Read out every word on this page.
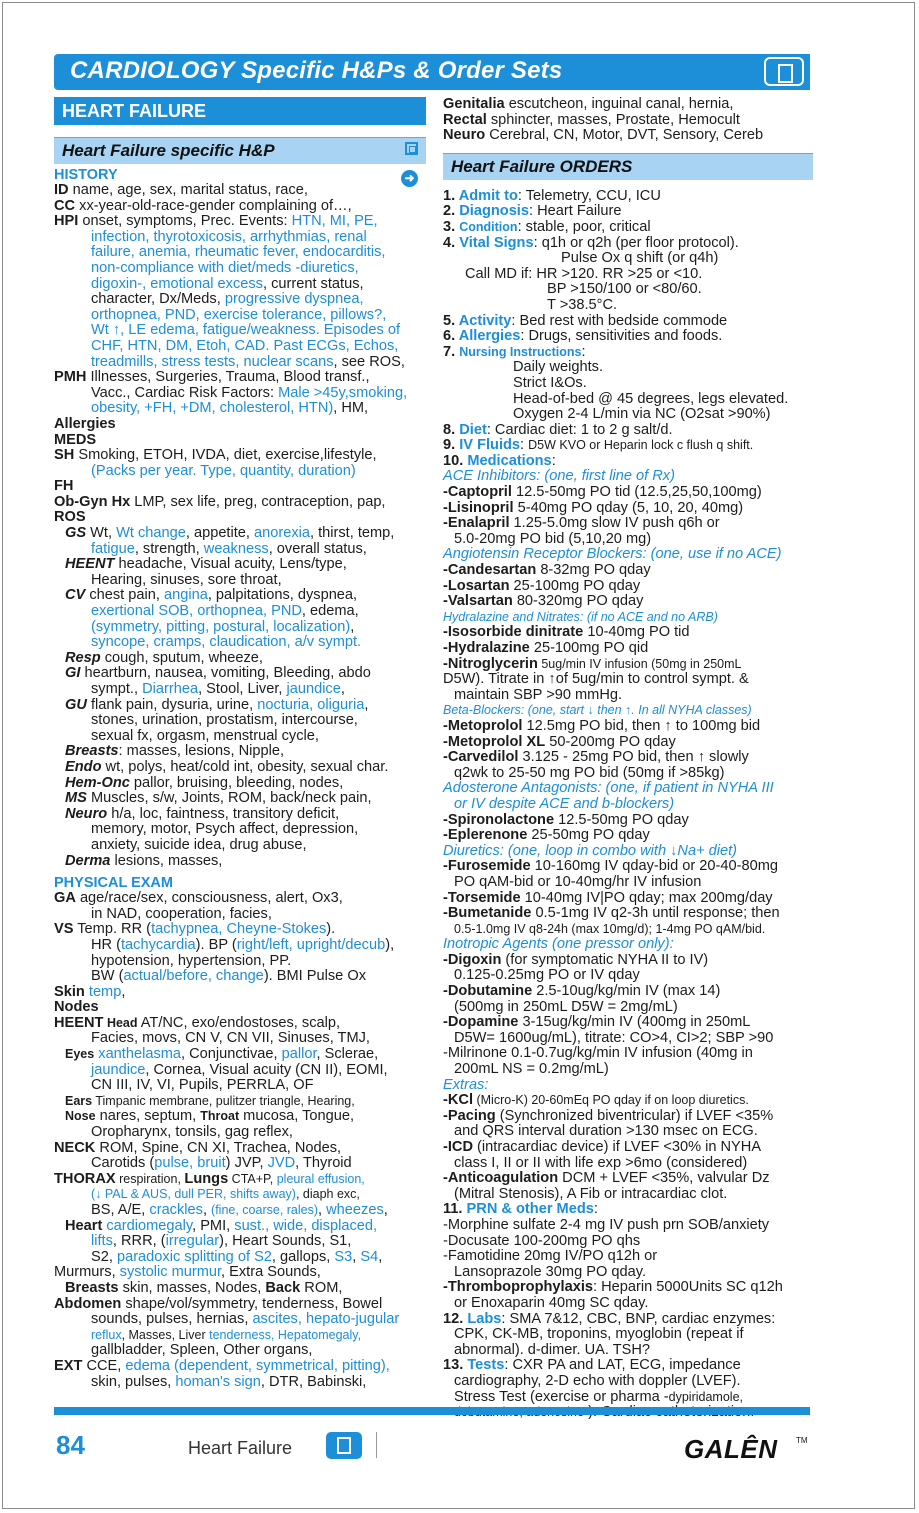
CARDIOLOGY Specific H&Ps & Order Sets
HEART FAILURE
Heart Failure specific H&P
➜
HISTORY
ID name, age, sex, marital status, race,
CC xx-year-old-race-gender complaining of…,
HPI onset, symptoms, Prec. Events: HTN, MI, PE,
infection, thyrotoxicosis, arrhythmias, renal
failure, anemia, rheumatic fever, endocarditis,
non-compliance with diet/meds -diuretics,
digoxin-, emotional excess, current status,
character, Dx/Meds, progressive dyspnea,
orthopnea, PND, exercise tolerance, pillows?,
Wt ↑, LE edema, fatigue/weakness. Episodes of
CHF, HTN, DM, Etoh, CAD. Past ECGs, Echos,
treadmills, stress tests, nuclear scans, see ROS,
PMH Illnesses, Surgeries, Trauma, Blood transf.,
Vacc., Cardiac Risk Factors: Male >45y,smoking,
obesity, +FH, +DM, cholesterol, HTN), HM,
Allergies
MEDS
SH Smoking, ETOH, IVDA, diet, exercise,lifestyle,
(Packs per year. Type, quantity, duration)
FH
Ob-Gyn Hx LMP, sex life, preg, contraception, pap,
ROS
GS Wt, Wt change, appetite, anorexia, thirst, temp,
fatigue, strength, weakness, overall status,
HEENT headache, Visual acuity, Lens/type,
Hearing, sinuses, sore throat,
CV chest pain, angina, palpitations, dyspnea,
exertional SOB, orthopnea, PND, edema,
(symmetry, pitting, postural, localization),
syncope, cramps, claudication, a/v sympt.
Resp cough, sputum, wheeze,
GI heartburn, nausea, vomiting, Bleeding, abdo
sympt., Diarrhea, Stool, Liver, jaundice,
GU flank pain, dysuria, urine, nocturia, oliguria,
stones, urination, prostatism, intercourse,
sexual fx, orgasm, menstrual cycle,
Breasts: masses, lesions, Nipple,
Endo wt, polys, heat/cold int, obesity, sexual char.
Hem-Onc pallor, bruising, bleeding, nodes,
MS Muscles, s/w, Joints, ROM, back/neck pain,
Neuro h/a, loc, faintness, transitory deficit,
memory, motor, Psych affect, depression,
anxiety, suicide idea, drug abuse,
Derma lesions, masses,
PHYSICAL EXAM
GA age/race/sex, consciousness, alert, Ox3,
in NAD, cooperation, facies,
VS Temp. RR (tachypnea, Cheyne-Stokes).
HR (tachycardia). BP (right/left, upright/decub),
hypotension, hypertension, PP.
BW (actual/before, change). BMI Pulse Ox
Skin temp,
Nodes
HEENT Head AT/NC, exo/endostoses, scalp,
Facies, movs, CN V, CN VII, Sinuses, TMJ,
Eyes xanthelasma, Conjunctivae, pallor, Sclerae,
jaundice, Cornea, Visual acuity (CN II), EOMI,
CN III, IV, VI, Pupils, PERRLA, OF
Ears Timpanic membrane, pulitzer triangle, Hearing,
Nose nares, septum, Throat mucosa, Tongue,
Oropharynx, tonsils, gag reflex,
NECK ROM, Spine, CN XI, Trachea, Nodes,
Carotids (pulse, bruit) JVP, JVD, Thyroid
THORAX respiration, Lungs CTA+P, pleural effusion,
(↓ PAL & AUS, dull PER, shifts away), diaph exc,
BS, A/E, crackles, (fine, coarse, rales), wheezes,
Heart cardiomegaly, PMI, sust., wide, displaced,
lifts, RRR, (irregular), Heart Sounds, S1,
S2, paradoxic splitting of S2, gallops, S3, S4,
Murmurs, systolic murmur, Extra Sounds,
Breasts skin, masses, Nodes, Back ROM,
Abdomen shape/vol/symmetry, tenderness, Bowel
sounds, pulses, hernias, ascites, hepato-jugular
reflux, Masses, Liver tenderness, Hepatomegaly,
gallbladder, Spleen, Other organs,
EXT CCE, edema (dependent, symmetrical, pitting),
skin, pulses, homan's sign, DTR, Babinski,
Genitalia escutcheon, inguinal canal, hernia,
Rectal sphincter, masses, Prostate, Hemocult
Neuro Cerebral, CN, Motor, DVT, Sensory, Cereb
Heart Failure ORDERS
1. Admit to: Telemetry, CCU, ICU
2. Diagnosis: Heart Failure
3. Condition: stable, poor, critical
4. Vital Signs: q1h or q2h (per floor protocol).
Pulse Ox q shift (or q4h)
Call MD if: HR >120. RR >25 or <10.
BP >150/100 or <80/60.
T >38.5°C.
5. Activity: Bed rest with bedside commode
6. Allergies: Drugs, sensitivities and foods.
7. Nursing Instructions:
Daily weights.
Strict I&Os.
Head-of-bed @ 45 degrees, legs elevated.
Oxygen 2-4 L/min via NC (O2sat >90%)
8. Diet: Cardiac diet: 1 to 2 g salt/d.
9. IV Fluids: D5W KVO or Heparin lock c flush q shift.
10. Medications:
ACE Inhibitors: (one, first line of Rx)
-Captopril 12.5-50mg PO tid (12.5,25,50,100mg)
-Lisinopril 5-40mg PO qday (5, 10, 20, 40mg)
-Enalapril 1.25-5.0mg slow IV push q6h or
5.0-20mg PO bid (5,10,20 mg)
Angiotensin Receptor Blockers: (one, use if no ACE)
-Candesartan 8-32mg PO qday
-Losartan 25-100mg PO qday
-Valsartan 80-320mg PO qday
Hydralazine and Nitrates: (if no ACE and no ARB)
-Isosorbide dinitrate 10-40mg PO tid
-Hydralazine 25-100mg PO qid
-Nitroglycerin 5ug/min IV infusion (50mg in 250mL
D5W). Titrate in ↑of 5ug/min to control sympt. &
maintain SBP >90 mmHg.
Beta-Blockers: (one, start ↓ then ↑. In all NYHA classes)
-Metoprolol 12.5mg PO bid, then ↑ to 100mg bid
-Metoprolol XL 50-200mg PO qday
-Carvedilol 3.125 - 25mg PO bid, then ↑ slowly
q2wk to 25-50 mg PO bid (50mg if >85kg)
Adosterone Antagonists: (one, if patient in NYHA III
or IV despite ACE and b-blockers)
-Spironolactone 12.5-50mg PO qday
-Eplerenone 25-50mg PO qday
Diuretics: (one, loop in combo with ↓Na+ diet)
-Furosemide 10-160mg IV qday-bid or 20-40-80mg
PO qAM-bid or 10-40mg/hr IV infusion
-Torsemide 10-40mg IV|PO qday; max 200mg/day
-Bumetanide 0.5-1mg IV q2-3h until response; then
0.5-1.0mg IV q8-24h (max 10mg/d); 1-4mg PO qAM/bid.
Inotropic Agents (one pressor only):
-Digoxin (for symptomatic NYHA II to IV)
0.125-0.25mg PO or IV qday
-Dobutamine 2.5-10ug/kg/min IV (max 14)
(500mg in 250mL D5W = 2mg/mL)
-Dopamine 3-15ug/kg/min IV (400mg in 250mL
D5W= 1600ug/mL), titrate: CO>4, CI>2; SBP >90
-Milrinone 0.1-0.7ug/kg/min IV infusion (40mg in
200mL NS = 0.2mg/mL)
Extras:
-KCl (Micro-K) 20-60mEq PO qday if on loop diuretics.
-Pacing (Synchronized biventricular) if LVEF <35%
and QRS interval duration >130 msec on ECG.
-ICD (intracardiac device) if LVEF <30% in NYHA
class I, II or II with life exp >6mo (considered)
-Anticoagulation DCM + LVEF <35%, valvular Dz
(Mitral Stenosis), A Fib or intracardiac clot.
11. PRN & other Meds:
-Morphine sulfate 2-4 mg IV push prn SOB/anxiety
-Docusate 100-200mg PO qhs
-Famotidine 20mg IV/PO q12h or
Lansoprazole 30mg PO qday.
-Thromboprophylaxis: Heparin 5000Units SC q12h
or Enoxaparin 40mg SC qday.
12. Labs: SMA 7&12, CBC, BNP, cardiac enzymes:
CPK, CK-MB, troponins, myoglobin (repeat if
abnormal). d-dimer. UA. TSH?
13. Tests: CXR PA and LAT, ECG, impedance
cardiography, 2-D echo with doppler (LVEF).
Stress Test (exercise or pharma -dypiridamole,
84	Heart Failure	GALÊN TM
